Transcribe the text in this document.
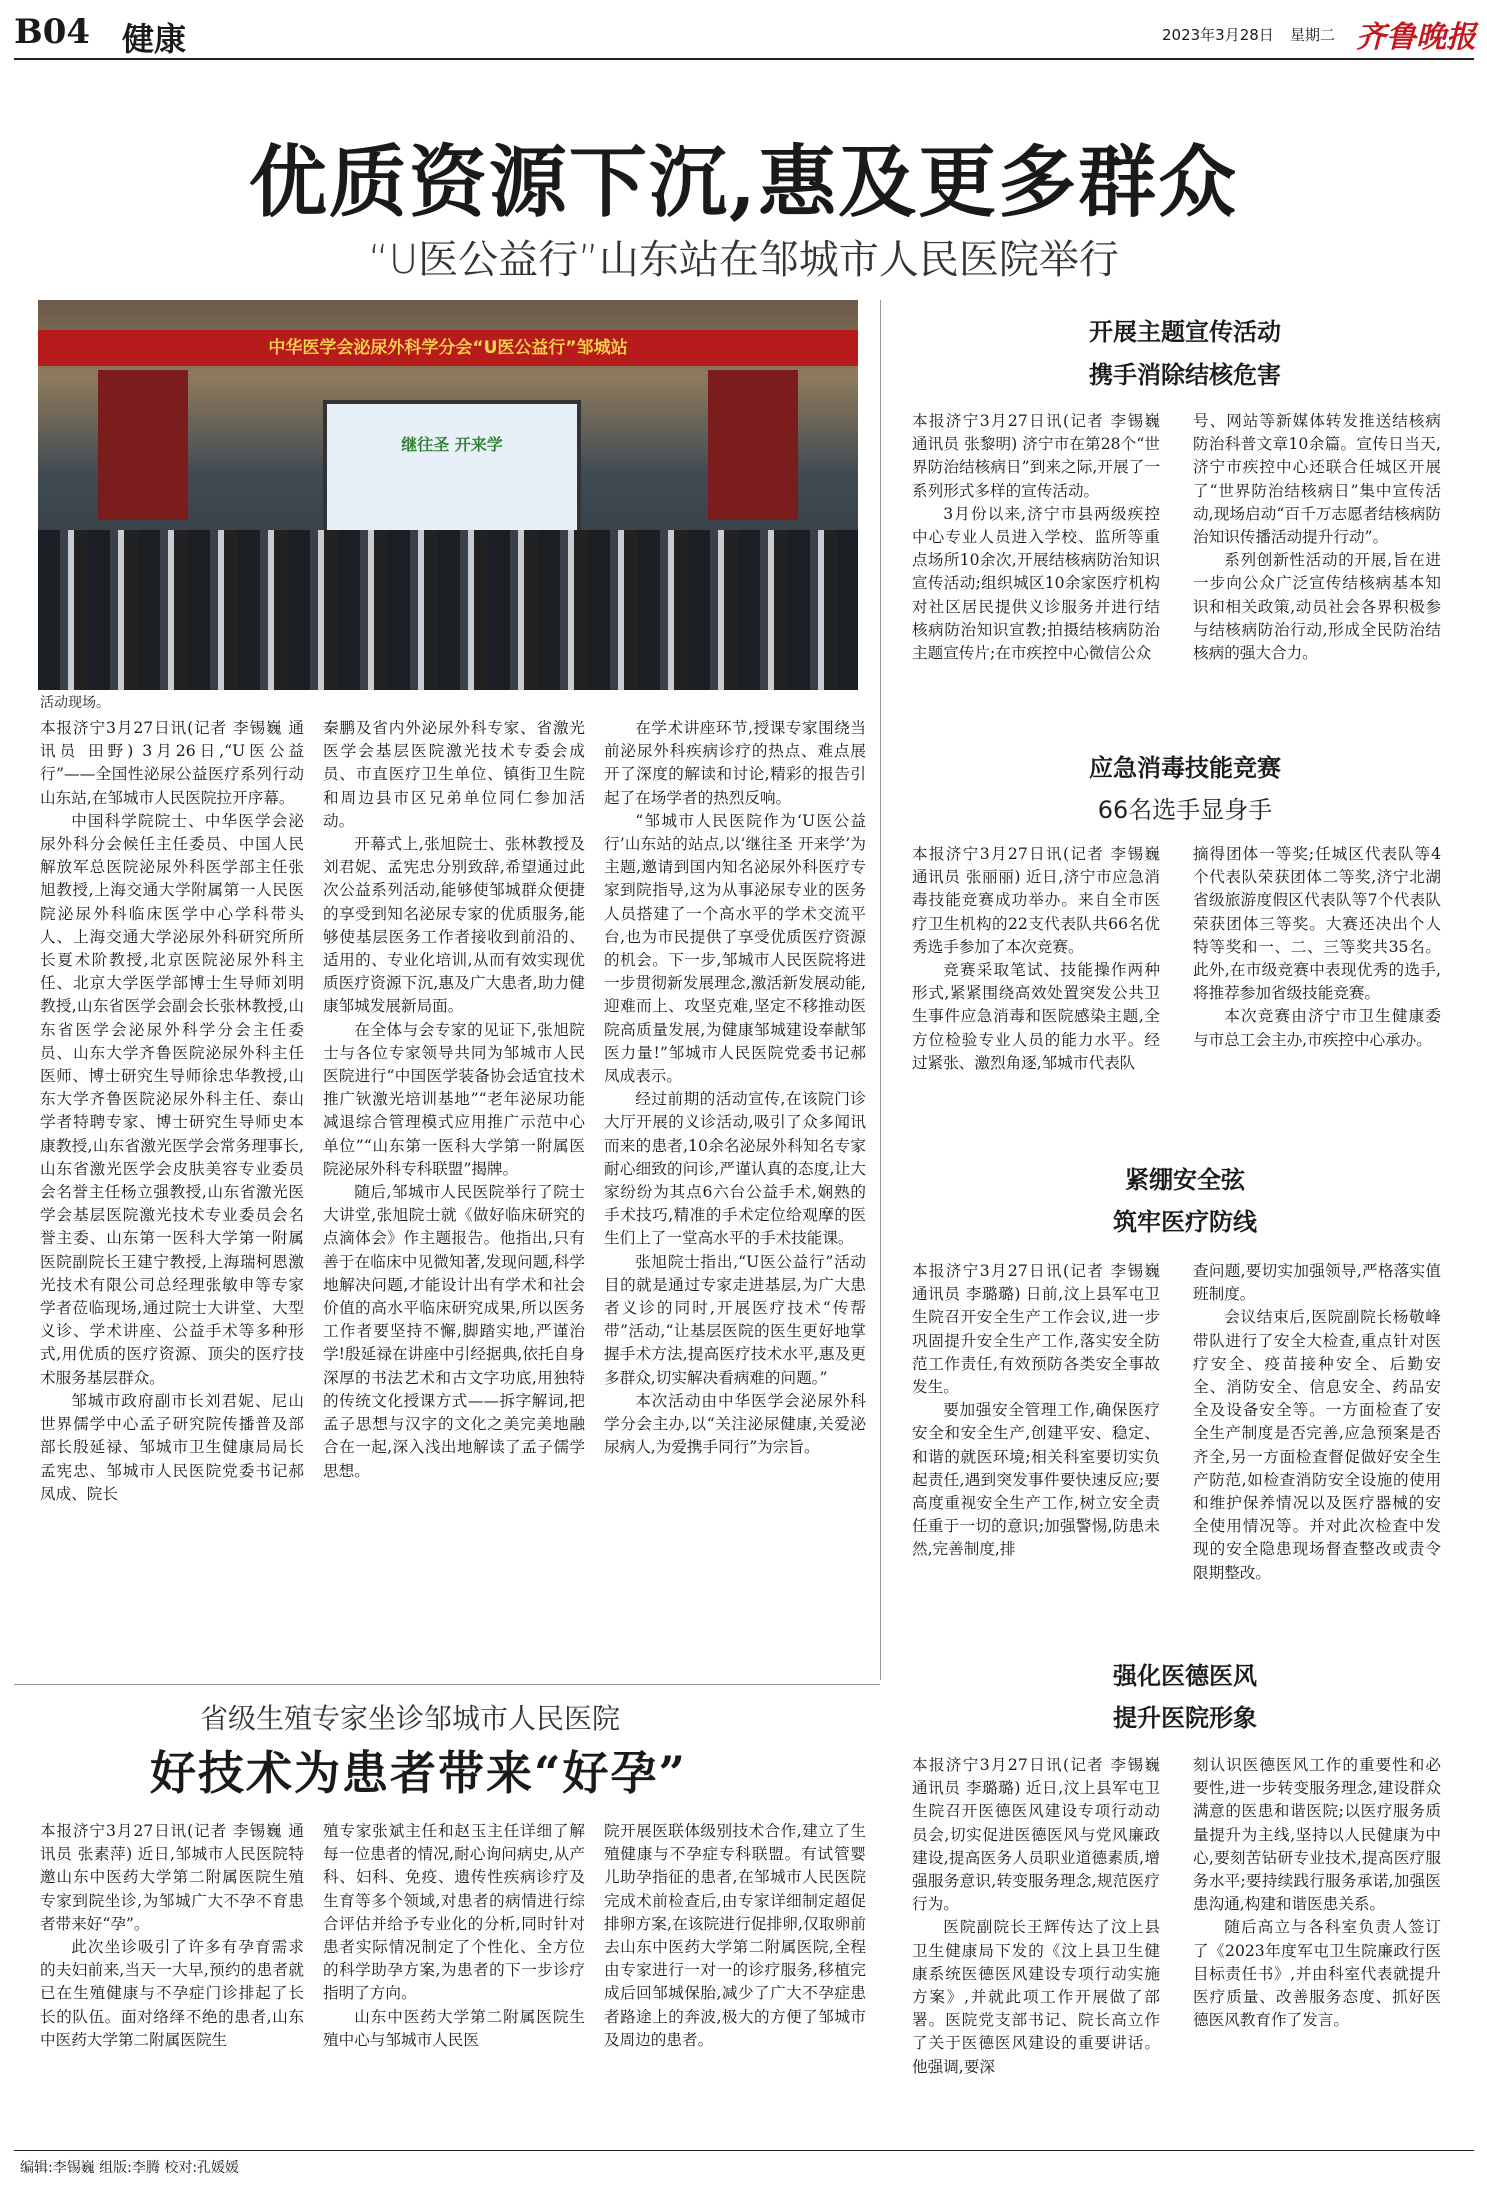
B04 健康	2023年3月28日 星期二 齐鲁晚报
优质资源下沉,惠及更多群众
“U医公益行”山东站在邹城市人民医院举行
中华医学会泌尿外科学分会“U医公益行”邹城站
继往圣 开来学
活动现场。

本报济宁3月27日讯(记者 李锡巍 通讯员 田野) 3月26日,“U医公益行”——全国性泌尿公益医疗系列行动山东站,在邹城市人民医院拉开序幕。

中国科学院院士、中华医学会泌尿外科分会候任主任委员、中国人民解放军总医院泌尿外科医学部主任张旭教授,上海交通大学附属第一人民医院泌尿外科临床医学中心学科带头人、上海交通大学泌尿外科研究所所长夏术阶教授,北京医院泌尿外科主任、北京大学医学部博士生导师刘明教授,山东省医学会副会长张林教授,山东省医学会泌尿外科学分会主任委员、山东大学齐鲁医院泌尿外科主任医师、博士研究生导师徐忠华教授,山东大学齐鲁医院泌尿外科主任、泰山学者特聘专家、博士研究生导师史本康教授,山东省激光医学会常务理事长,山东省激光医学会皮肤美容专业委员会名誉主任杨立强教授,山东省激光医学会基层医院激光技术专业委员会名誉主委、山东第一医科大学第一附属医院副院长王建宁教授,上海瑞柯恩激光技术有限公司总经理张敏申等专家学者莅临现场,通过院士大讲堂、大型义诊、学术讲座、公益手术等多种形式,用优质的医疗资源、顶尖的医疗技术服务基层群众。

邹城市政府副市长刘君妮、尼山世界儒学中心孟子研究院传播普及部部长殷延禄、邹城市卫生健康局局长孟宪忠、邹城市人民医院党委书记郝凤成、院长

秦鹏及省内外泌尿外科专家、省激光医学会基层医院激光技术专委会成员、市直医疗卫生单位、镇街卫生院和周边县市区兄弟单位同仁参加活动。

开幕式上,张旭院士、张林教授及刘君妮、孟宪忠分别致辞,希望通过此次公益系列活动,能够使邹城群众便捷的享受到知名泌尿专家的优质服务,能够使基层医务工作者接收到前沿的、适用的、专业化培训,从而有效实现优质医疗资源下沉,惠及广大患者,助力健康邹城发展新局面。

在全体与会专家的见证下,张旭院士与各位专家领导共同为邹城市人民医院进行“中国医学装备协会适宜技术推广钬激光培训基地”“老年泌尿功能减退综合管理模式应用推广示范中心单位”“山东第一医科大学第一附属医院泌尿外科专科联盟”揭牌。

随后,邹城市人民医院举行了院士大讲堂,张旭院士就《做好临床研究的点滴体会》作主题报告。他指出,只有善于在临床中见微知著,发现问题,科学地解决问题,才能设计出有学术和社会价值的高水平临床研究成果,所以医务工作者要坚持不懈,脚踏实地,严谨治学!殷延禄在讲座中引经据典,依托自身深厚的书法艺术和古文字功底,用独特的传统文化授课方式——拆字解词,把孟子思想与汉字的文化之美完美地融合在一起,深入浅出地解读了孟子儒学思想。

在学术讲座环节,授课专家围绕当前泌尿外科疾病诊疗的热点、难点展开了深度的解读和讨论,精彩的报告引起了在场学者的热烈反响。

“邹城市人民医院作为‘U医公益行’山东站的站点,以‘继往圣 开来学’为主题,邀请到国内知名泌尿外科医疗专家到院指导,这为从事泌尿专业的医务人员搭建了一个高水平的学术交流平台,也为市民提供了享受优质医疗资源的机会。下一步,邹城市人民医院将进一步贯彻新发展理念,激活新发展动能,迎难而上、攻坚克难,坚定不移推动医院高质量发展,为健康邹城建设奉献邹医力量!”邹城市人民医院党委书记郝凤成表示。

经过前期的活动宣传,在该院门诊大厅开展的义诊活动,吸引了众多闻讯而来的患者,10余名泌尿外科知名专家耐心细致的问诊,严谨认真的态度,让大家纷纷为其点6六台公益手术,娴熟的手术技巧,精准的手术定位给观摩的医生们上了一堂高水平的手术技能课。

张旭院士指出,“U医公益行”活动目的就是通过专家走进基层,为广大患者义诊的同时,开展医疗技术“传帮带”活动,“让基层医院的医生更好地掌握手术方法,提高医疗技术水平,惠及更多群众,切实解决看病难的问题。”

本次活动由中华医学会泌尿外科学分会主办,以“关注泌尿健康,关爱泌尿病人,为爱携手同行”为宗旨。

开展主题宣传活动
携手消除结核危害

本报济宁3月27日讯(记者 李锡巍 通讯员 张黎明) 济宁市在第28个“世界防治结核病日”到来之际,开展了一系列形式多样的宣传活动。

3月份以来,济宁市县两级疾控中心专业人员进入学校、监所等重点场所10余次,开展结核病防治知识宣传活动;组织城区10余家医疗机构对社区居民提供义诊服务并进行结核病防治知识宣教;拍摄结核病防治主题宣传片;在市疾控中心微信公众

号、网站等新媒体转发推送结核病防治科普文章10余篇。宣传日当天,济宁市疾控中心还联合任城区开展了“世界防治结核病日”集中宣传活动,现场启动“百千万志愿者结核病防治知识传播活动提升行动”。

系列创新性活动的开展,旨在进一步向公众广泛宣传结核病基本知识和相关政策,动员社会各界积极参与结核病防治行动,形成全民防治结核病的强大合力。

应急消毒技能竞赛
66名选手显身手

本报济宁3月27日讯(记者 李锡巍 通讯员 张丽丽) 近日,济宁市应急消毒技能竞赛成功举办。来自全市医疗卫生机构的22支代表队共66名优秀选手参加了本次竞赛。

竞赛采取笔试、技能操作两种形式,紧紧围绕高效处置突发公共卫生事件应急消毒和医院感染主题,全方位检验专业人员的能力水平。经过紧张、激烈角逐,邹城市代表队

摘得团体一等奖;任城区代表队等4个代表队荣获团体二等奖,济宁北湖省级旅游度假区代表队等7个代表队荣获团体三等奖。大赛还决出个人特等奖和一、二、三等奖共35名。此外,在市级竞赛中表现优秀的选手,将推荐参加省级技能竞赛。

本次竞赛由济宁市卫生健康委与市总工会主办,市疾控中心承办。

紧绷安全弦
筑牢医疗防线

本报济宁3月27日讯(记者 李锡巍 通讯员 李璐璐) 日前,汶上县军屯卫生院召开安全生产工作会议,进一步巩固提升安全生产工作,落实安全防范工作责任,有效预防各类安全事故发生。

要加强安全管理工作,确保医疗安全和安全生产,创建平安、稳定、和谐的就医环境;相关科室要切实负起责任,遇到突发事件要快速反应;要高度重视安全生产工作,树立安全责任重于一切的意识;加强警惕,防患未然,完善制度,排

查问题,要切实加强领导,严格落实值班制度。

会议结束后,医院副院长杨敬峰带队进行了安全大检查,重点针对医疗安全、疫苗接种安全、后勤安全、消防安全、信息安全、药品安全及设备安全等。一方面检查了安全生产制度是否完善,应急预案是否齐全,另一方面检查督促做好安全生产防范,如检查消防安全设施的使用和维护保养情况以及医疗器械的安全使用情况等。并对此次检查中发现的安全隐患现场督查整改或责令限期整改。

强化医德医风
提升医院形象

本报济宁3月27日讯(记者 李锡巍 通讯员 李璐璐) 近日,汶上县军屯卫生院召开医德医风建设专项行动动员会,切实促进医德医风与党风廉政建设,提高医务人员职业道德素质,增强服务意识,转变服务理念,规范医疗行为。

医院副院长王辉传达了汶上县卫生健康局下发的《汶上县卫生健康系统医德医风建设专项行动实施方案》,并就此项工作开展做了部署。医院党支部书记、院长高立作了关于医德医风建设的重要讲话。他强调,要深

刻认识医德医风工作的重要性和必要性,进一步转变服务理念,建设群众满意的医患和谐医院;以医疗服务质量提升为主线,坚持以人民健康为中心,要刻苦钻研专业技术,提高医疗服务水平;要持续践行服务承诺,加强医患沟通,构建和谐医患关系。

随后高立与各科室负责人签订了《2023年度军屯卫生院廉政行医目标责任书》,并由科室代表就提升医疗质量、改善服务态度、抓好医德医风教育作了发言。

省级生殖专家坐诊邹城市人民医院
好技术为患者带来“好孕”

本报济宁3月27日讯(记者 李锡巍 通讯员 张素萍) 近日,邹城市人民医院特邀山东中医药大学第二附属医院生殖专家到院坐诊,为邹城广大不孕不育患者带来好“孕”。

此次坐诊吸引了许多有孕育需求的夫妇前来,当天一大早,预约的患者就已在生殖健康与不孕症门诊排起了长长的队伍。面对络绎不绝的患者,山东中医药大学第二附属医院生

殖专家张斌主任和赵玉主任详细了解每一位患者的情况,耐心询问病史,从产科、妇科、免疫、遗传性疾病诊疗及生育等多个领域,对患者的病情进行综合评估并给予专业化的分析,同时针对患者实际情况制定了个性化、全方位的科学助孕方案,为患者的下一步诊疗指明了方向。

山东中医药大学第二附属医院生殖中心与邹城市人民医

院开展医联体级别技术合作,建立了生殖健康与不孕症专科联盟。有试管婴儿助孕指征的患者,在邹城市人民医院完成术前检查后,由专家详细制定超促排卵方案,在该院进行促排卵,仅取卵前去山东中医药大学第二附属医院,全程由专家进行一对一的诊疗服务,移植完成后回邹城保胎,减少了广大不孕症患者路途上的奔波,极大的方便了邹城市及周边的患者。

编辑:李锡巍 组版:李腾 校对:孔媛媛
